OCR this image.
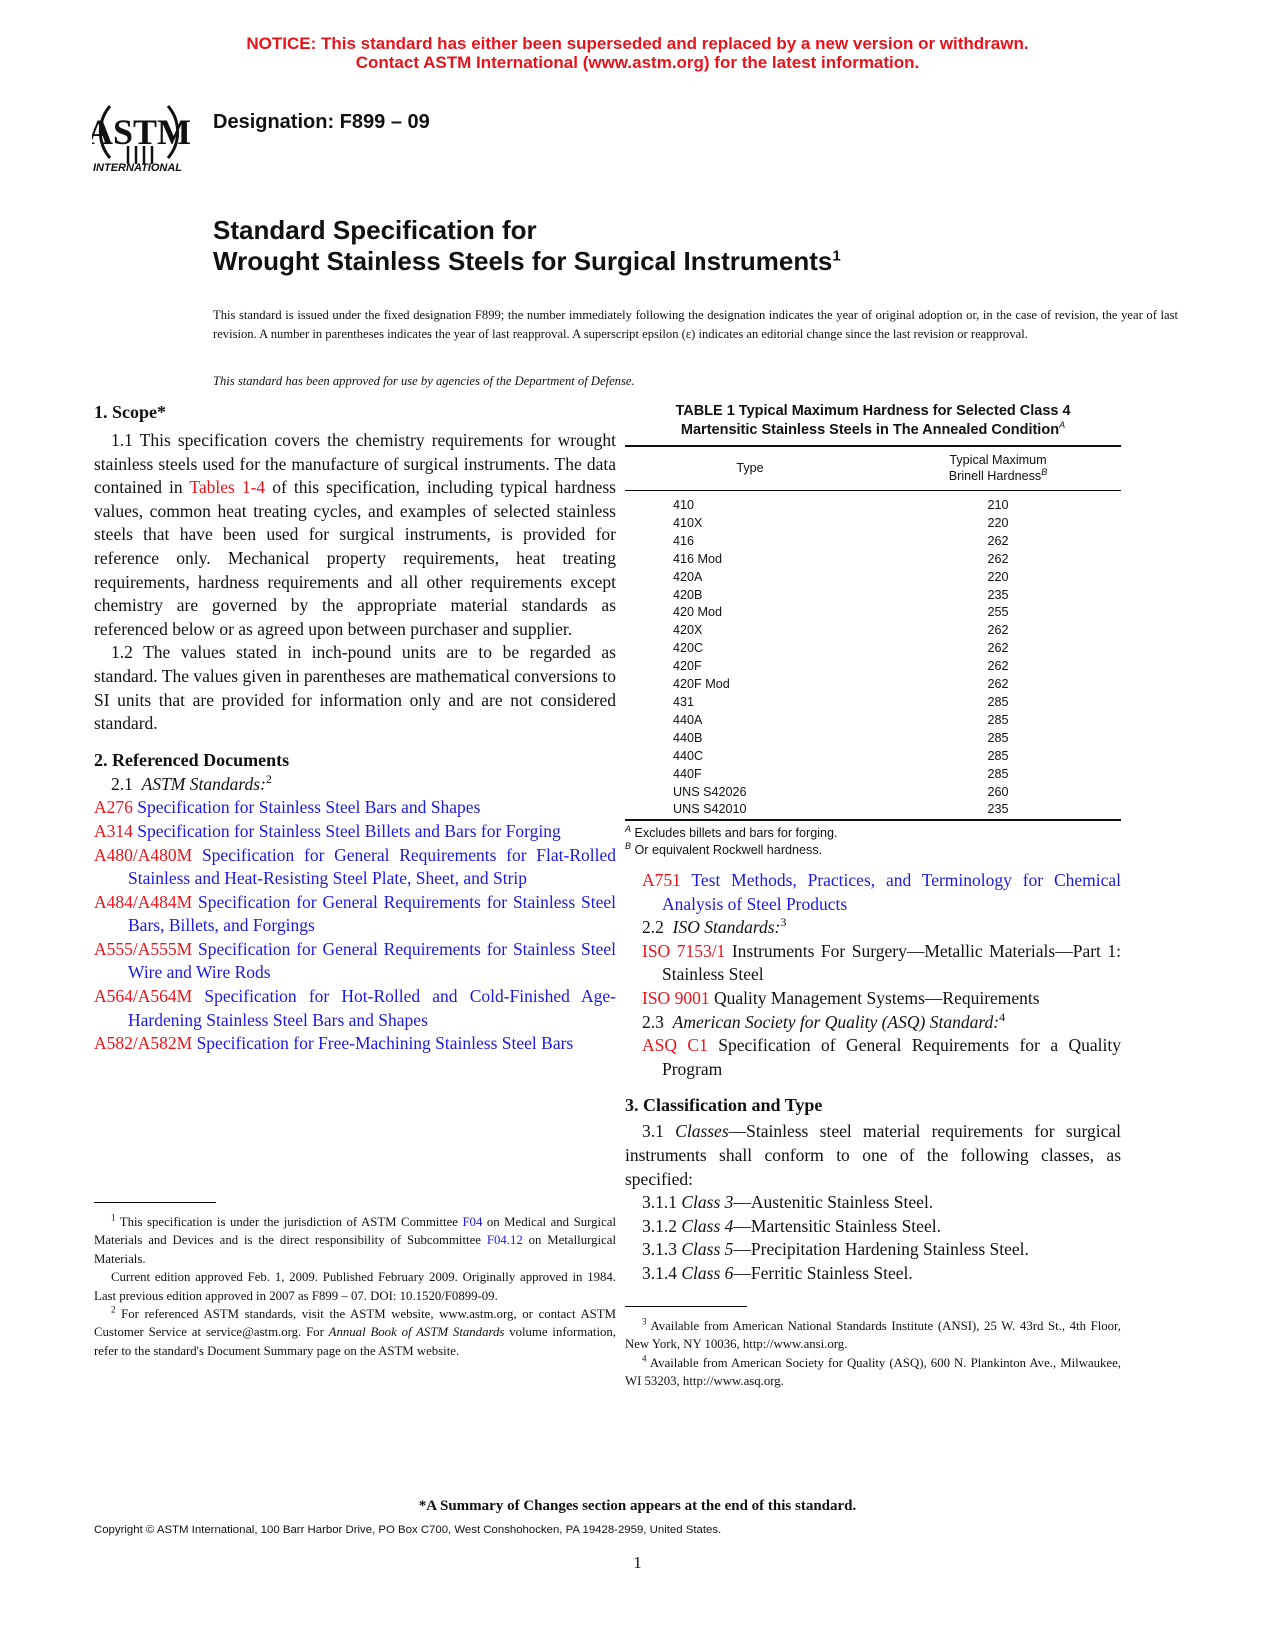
NOTICE: This standard has either been superseded and replaced by a new version or withdrawn.
Contact ASTM International (www.astm.org) for the latest information.
ASTM
INTERNATIONAL
Designation: F899 – 09
Standard Specification for
Wrought Stainless Steels for Surgical Instruments$^1$
This standard is issued under the fixed designation F899; the number immediately following the designation indicates the year of original adoption or, in the case of revision, the year of last revision. A number in parentheses indicates the year of last reapproval. A superscript epsilon (ε) indicates an editorial change since the last revision or reapproval.
This standard has been approved for use by agencies of the Department of Defense.
1. Scope*
1.1 This specification covers the chemistry requirements for wrought stainless steels used for the manufacture of surgical instruments. The data contained in Tables 1-4 of this specification, including typical hardness values, common heat treating cycles, and examples of selected stainless steels that have been used for surgical instruments, is provided for reference only. Mechanical property requirements, heat treating requirements, hardness requirements and all other requirements except chemistry are governed by the appropriate material standards as referenced below or as agreed upon between purchaser and supplier.
1.2 The values stated in inch-pound units are to be regarded as standard. The values given in parentheses are mathematical conversions to SI units that are provided for information only and are not considered standard.
2. Referenced Documents
2.1 ASTM Standards:$^2$
A276 Specification for Stainless Steel Bars and Shapes
A314 Specification for Stainless Steel Billets and Bars for Forging
A480/A480M Specification for General Requirements for Flat-Rolled Stainless and Heat-Resisting Steel Plate, Sheet, and Strip
A484/A484M Specification for General Requirements for Stainless Steel Bars, Billets, and Forgings
A555/A555M Specification for General Requirements for Stainless Steel Wire and Wire Rods
A564/A564M Specification for Hot-Rolled and Cold-Finished Age-Hardening Stainless Steel Bars and Shapes
A582/A582M Specification for Free-Machining Stainless Steel Bars

$^1$ This specification is under the jurisdiction of ASTM Committee F04 on Medical and Surgical Materials and Devices and is the direct responsibility of Subcommittee F04.12 on Metallurgical Materials.

Current edition approved Feb. 1, 2009. Published February 2009. Originally approved in 1984. Last previous edition approved in 2007 as F899 – 07. DOI: 10.1520/F0899-09.

$^2$ For referenced ASTM standards, visit the ASTM website, www.astm.org, or contact ASTM Customer Service at service@astm.org. For Annual Book of ASTM Standards volume information, refer to the standard's Document Summary page on the ASTM website.

TABLE 1 Typical Maximum Hardness for Selected Class 4
Martensitic Stainless Steels in The Annealed Condition$^A$
Type	Typical Maximum
Brinell Hardness$^B$
410	210
410X	220
416	262
416 Mod	262
420A	220
420B	235
420 Mod	255
420X	262
420C	262
420F	262
420F Mod	262
431	285
440A	285
440B	285
440C	285
440F	285
UNS S42026	260
UNS S42010	235
$^A$ Excludes billets and bars for forging.
$^B$ Or equivalent Rockwell hardness.
A751 Test Methods, Practices, and Terminology for Chemical Analysis of Steel Products
2.2 ISO Standards:$^3$
ISO 7153/1 Instruments For Surgery—Metallic Materials—Part 1: Stainless Steel
ISO 9001 Quality Management Systems—Requirements
2.3 American Society for Quality (ASQ) Standard:$^4$
ASQ C1 Specification of General Requirements for a Quality Program
3. Classification and Type
3.1 Classes—Stainless steel material requirements for surgical instruments shall conform to one of the following classes, as specified:
3.1.1 Class 3—Austenitic Stainless Steel.
3.1.2 Class 4—Martensitic Stainless Steel.
3.1.3 Class 5—Precipitation Hardening Stainless Steel.
3.1.4 Class 6—Ferritic Stainless Steel.

$^3$ Available from American National Standards Institute (ANSI), 25 W. 43rd St., 4th Floor, New York, NY 10036, http://www.ansi.org.

$^4$ Available from American Society for Quality (ASQ), 600 N. Plankinton Ave., Milwaukee, WI 53203, http://www.asq.org.

*A Summary of Changes section appears at the end of this standard.
Copyright © ASTM International, 100 Barr Harbor Drive, PO Box C700, West Conshohocken, PA 19428-2959, United States.
1
